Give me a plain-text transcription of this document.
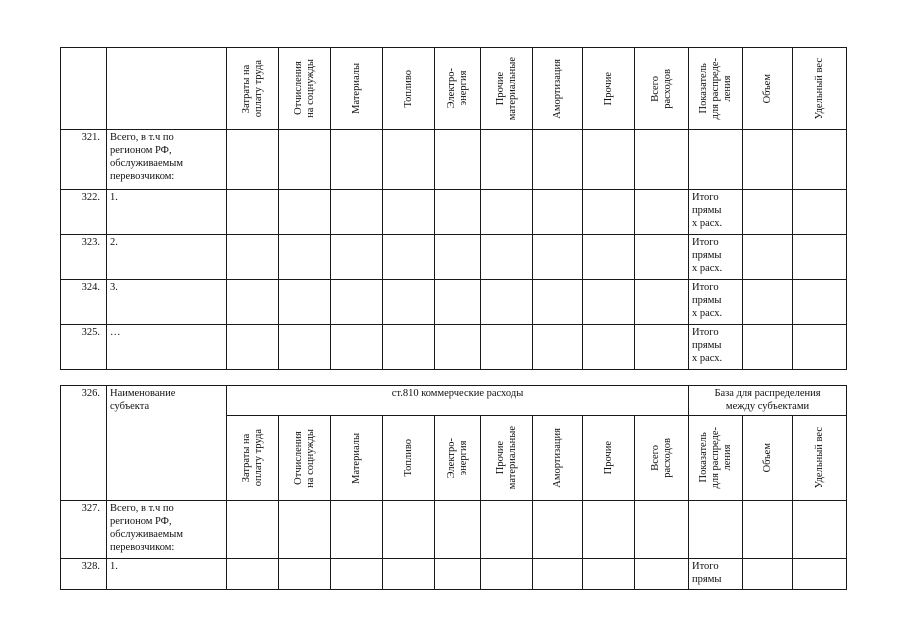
		Затраты на
оплату труда	Отчисления
на соцнужды	Материалы	Топливо	Электро-
энергия	Прочие
материальные	Амортизация	Прочие	Всего
расходов	Показатель
для распреде-
ления	Объем	Удельный вес

321.	Всего, в т.ч по
регионом РФ,
обслуживаемым
перевозчиком:												
322.	1.										Итого
прямы
х расх.		
323.	2.										Итого
прямы
х расх.		
324.	3.										Итого
прямы
х расх.		
325.	…										Итого
прямы
х расх.		
326.	Наименование
субъекта	ст.810 коммерческие расходы									База для распределения
между субъектами		

		Затраты на
оплату труда	Отчисления
на соцнужды	Материалы	Топливо	Электро-
энергия	Прочие
материальные	Амортизация	Прочие	Всего
расходов	Показатель
для распреде-
ления	Объем	Удельный вес

327.	Всего, в т.ч по
регионом РФ,
обслуживаемым
перевозчиком:												
328.	1.										Итого
прямы		
